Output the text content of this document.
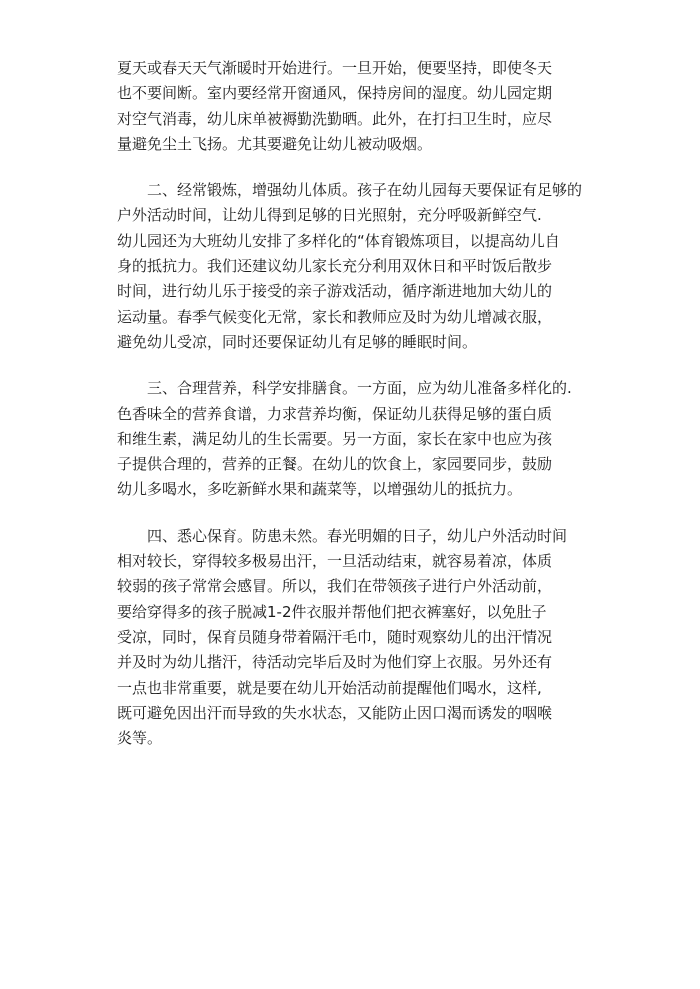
夏天或春天天气渐暖时开始进行。一旦开始，便要坚持，即使冬天
也不要间断。室内要经常开窗通风，保持房间的湿度。幼儿园定期
对空气消毒，幼儿床单被褥勤洗勤晒。此外，在打扫卫生时，应尽
量避免尘土飞扬。尤其要避免让幼儿被动吸烟。
二、经常锻炼，增强幼儿体质。孩子在幼儿园每天要保证有足够的
户外活动时间，让幼儿得到足够的日光照射，充分呼吸新鲜空气.
幼儿园还为大班幼儿安排了多样化的“体育锻炼项目，以提高幼儿自
身的抵抗力。我们还建议幼儿家长充分利用双休日和平时饭后散步
时间，进行幼儿乐于接受的亲子游戏活动，循序渐进地加大幼儿的
运动量。春季气候变化无常，家长和教师应及时为幼儿增减衣服，
避免幼儿受凉，同时还要保证幼儿有足够的睡眠时间。
三、合理营养，科学安排膳食。一方面，应为幼儿准备多样化的.
色香味全的营养食谱，力求营养均衡，保证幼儿获得足够的蛋白质
和维生素，满足幼儿的生长需要。另一方面，家长在家中也应为孩
子提供合理的，营养的正餐。在幼儿的饮食上，家园要同步，鼓励
幼儿多喝水，多吃新鲜水果和蔬菜等，以增强幼儿的抵抗力。
四、悉心保育。防患未然。春光明媚的日子，幼儿户外活动时间
相对较长，穿得较多极易出汗，一旦活动结束，就容易着凉，体质
较弱的孩子常常会感冒。所以，我们在带领孩子进行户外活动前，
要给穿得多的孩子脱减1-2件衣服并帮他们把衣裤塞好，以免肚子
受凉，同时，保育员随身带着隔汗毛巾，随时观察幼儿的出汗情况
并及时为幼儿揩汗，待活动完毕后及时为他们穿上衣服。另外还有
一点也非常重要，就是要在幼儿开始活动前提醒他们喝水，这样,
既可避免因出汗而导致的失水状态，又能防止因口渴而诱发的咽喉
炎等。
